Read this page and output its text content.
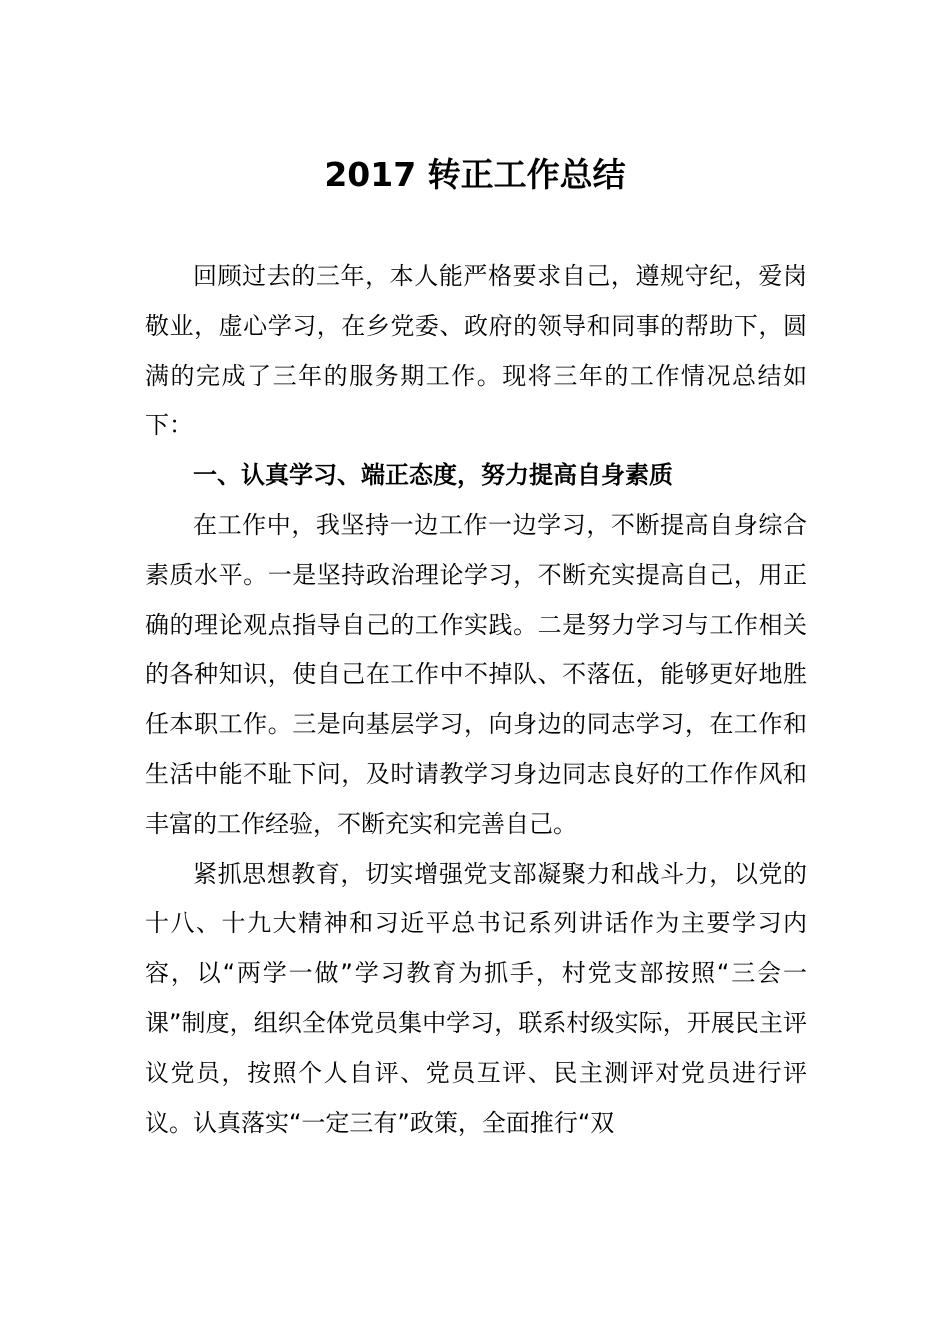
2017 转正工作总结

回顾过去的三年，本人能严格要求自己，遵规守纪，爱岗敬业，虚心学习，在乡党委、政府的领导和同事的帮助下，圆满的完成了三年的服务期工作。现将三年的工作情况总结如下：

一、认真学习、端正态度，努力提高自身素质

在工作中，我坚持一边工作一边学习，不断提高自身综合素质水平。一是坚持政治理论学习，不断充实提高自己，用正确的理论观点指导自己的工作实践。二是努力学习与工作相关的各种知识，使自己在工作中不掉队、不落伍，能够更好地胜任本职工作。三是向基层学习，向身边的同志学习，在工作和生活中能不耻下问，及时请教学习身边同志良好的工作作风和丰富的工作经验，不断充实和完善自己。

紧抓思想教育，切实增强党支部凝聚力和战斗力，以党的十八、十九大精神和习近平总书记系列讲话作为主要学习内容，以“两学一做”学习教育为抓手，村党支部按照“三会一课”制度，组织全体党员集中学习，联系村级实际，开展民主评议党员，按照个人自评、党员互评、民主测评对党员进行评议。认真落实“一定三有”政策，全面推行“双
